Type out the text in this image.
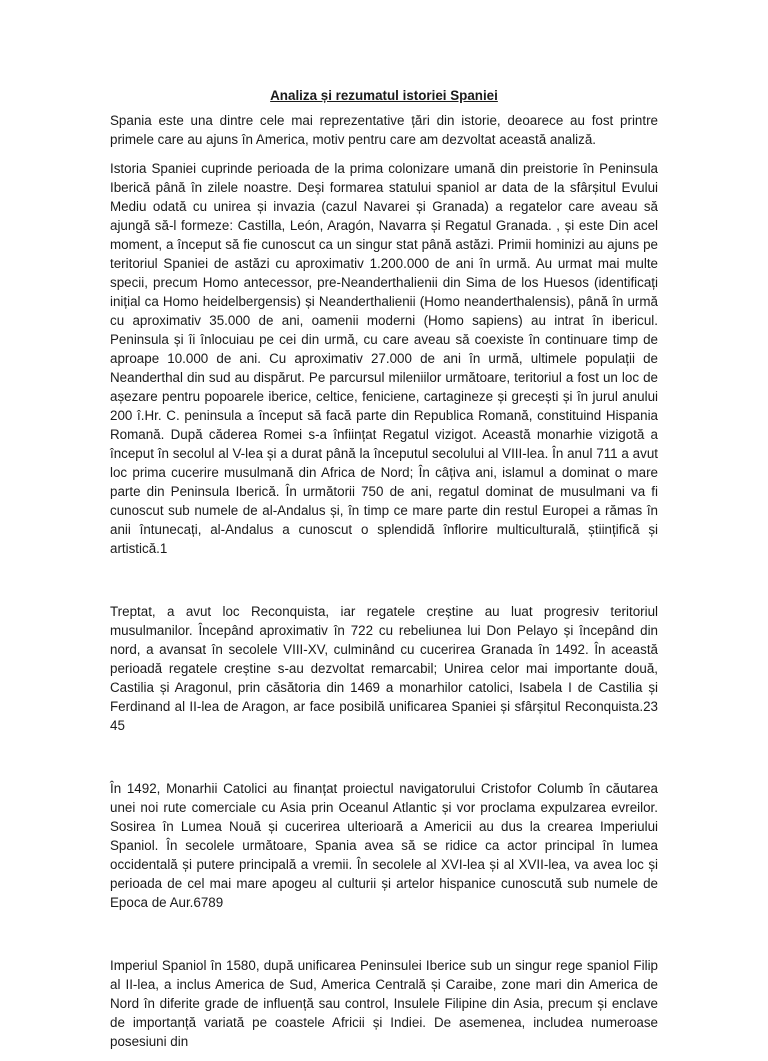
Analiza și rezumatul istoriei Spaniei

Spania este una dintre cele mai reprezentative țări din istorie, deoarece au fost printre primele care au ajuns în America, motiv pentru care am dezvoltat această analiză.

Istoria Spaniei cuprinde perioada de la prima colonizare umană din preistorie în Peninsula Iberică până în zilele noastre. Deși formarea statului spaniol ar data de la sfârșitul Evului Mediu odată cu unirea și invazia (cazul Navarei și Granada) a regatelor care aveau să ajungă să-l formeze: Castilla, León, Aragón, Navarra și Regatul Granada. , și este Din acel moment, a început să fie cunoscut ca un singur stat până astăzi. Primii hominizi au ajuns pe teritoriul Spaniei de astăzi cu aproximativ 1.200.000 de ani în urmă. Au urmat mai multe specii, precum Homo antecessor, pre-Neanderthalienii din Sima de los Huesos (identificați inițial ca Homo heidelbergensis) și Neanderthalienii (Homo neanderthalensis), până în urmă cu aproximativ 35.000 de ani, oamenii moderni (Homo sapiens) au intrat în ibericul. Peninsula și îi înlocuiau pe cei din urmă, cu care aveau să coexiste în continuare timp de aproape 10.000 de ani. Cu aproximativ 27.000 de ani în urmă, ultimele populații de Neanderthal din sud au dispărut. Pe parcursul mileniilor următoare, teritoriul a fost un loc de așezare pentru popoarele iberice, celtice, feniciene, cartagineze și grecești și în jurul anului 200 î.Hr. C. peninsula a început să facă parte din Republica Romană, constituind Hispania Romană. După căderea Romei s-a înființat Regatul vizigot. Această monarhie vizigotă a început în secolul al V-lea și a durat până la începutul secolului al VIII-lea. În anul 711 a avut loc prima cucerire musulmană din Africa de Nord; În câțiva ani, islamul a dominat o mare parte din Peninsula Iberică. În următorii 750 de ani, regatul dominat de musulmani va fi cunoscut sub numele de al-Andalus și, în timp ce mare parte din restul Europei a rămas în anii întunecați, al-Andalus a cunoscut o splendidă înflorire multiculturală, științifică și artistică.1

Treptat, a avut loc Reconquista, iar regatele creștine au luat progresiv teritoriul musulmanilor. Începând aproximativ în 722 cu rebeliunea lui Don Pelayo și începând din nord, a avansat în secolele VIII-XV, culminând cu cucerirea Granada în 1492. În această perioadă regatele creștine s-au dezvoltat remarcabil; Unirea celor mai importante două, Castilia și Aragonul, prin căsătoria din 1469 a monarhilor catolici, Isabela I de Castilia și Ferdinand al II-lea de Aragon, ar face posibilă unificarea Spaniei și sfârșitul Reconquista.23 45

În 1492, Monarhii Catolici au finanțat proiectul navigatorului Cristofor Columb în căutarea unei noi rute comerciale cu Asia prin Oceanul Atlantic și vor proclama expulzarea evreilor. Sosirea în Lumea Nouă și cucerirea ulterioară a Americii au dus la crearea Imperiului Spaniol. În secolele următoare, Spania avea să se ridice ca actor principal în lumea occidentală și putere principală a vremii. În secolele al XVI-lea și al XVII-lea, va avea loc și perioada de cel mai mare apogeu al culturii și artelor hispanice cunoscută sub numele de Epoca de Aur.6789

Imperiul Spaniol în 1580, după unificarea Peninsulei Iberice sub un singur rege spaniol Filip al II-lea, a inclus America de Sud, America Centrală și Caraibe, zone mari din America de Nord în diferite grade de influență sau control, Insulele Filipine din Asia, precum și enclave de importanță variată pe coastele Africii și Indiei. De asemenea, includea numeroase posesiuni din
